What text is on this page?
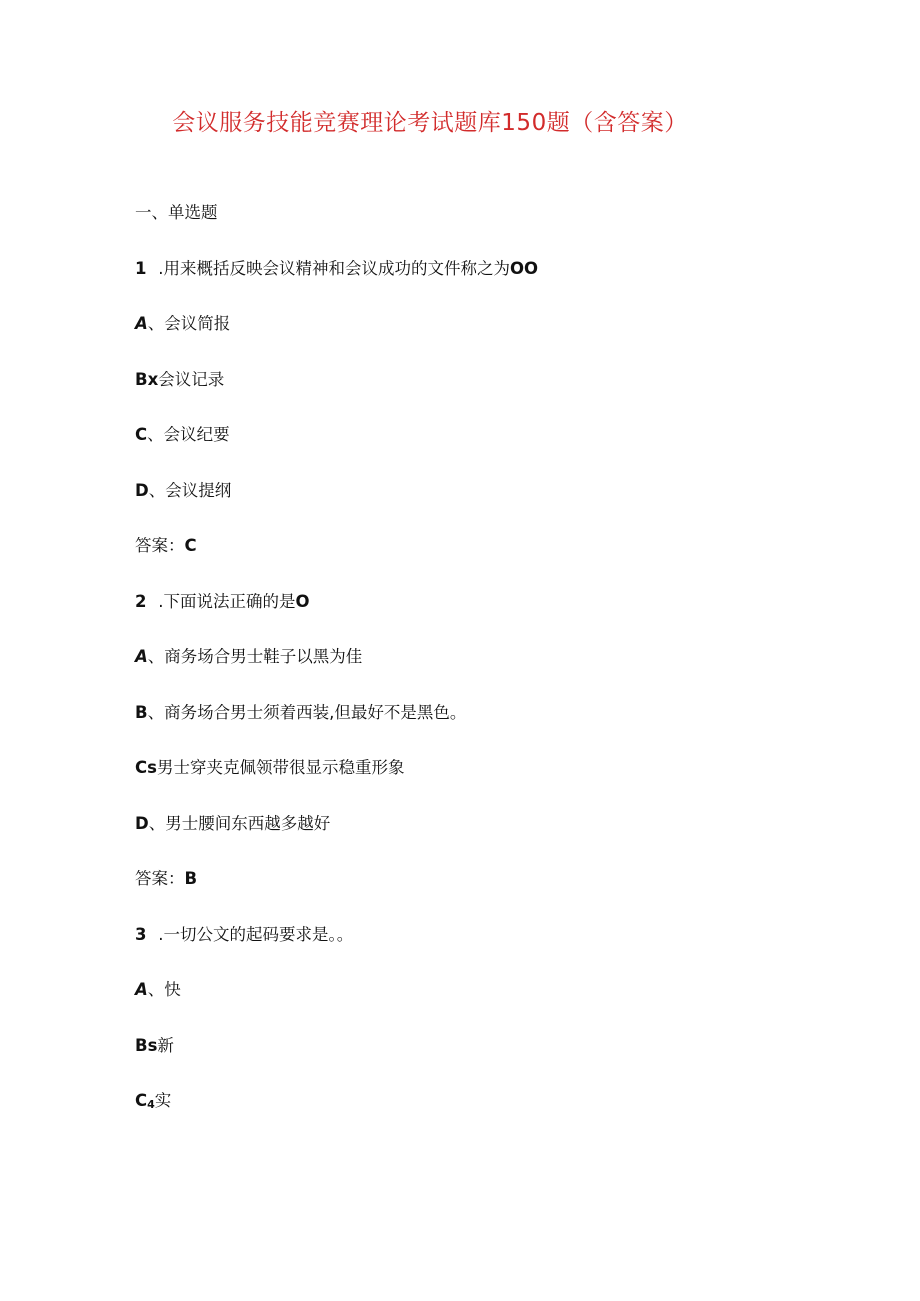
会议服务技能竞赛理论考试题库150题（含答案）
一、单选题
1 .用来概括反映会议精神和会议成功的文件称之为OO
A、会议简报
Bx会议记录
C、会议纪要
D、会议提纲
答案：C
2 .下面说法正确的是O
A、商务场合男士鞋子以黑为佳
B、商务场合男士须着西装,但最好不是黑色。
Cs男士穿夹克佩领带很显示稳重形象
D、男士腰间东西越多越好
答案：B
3 .一切公文的起码要求是。。
A、快
Bs新
C4实
